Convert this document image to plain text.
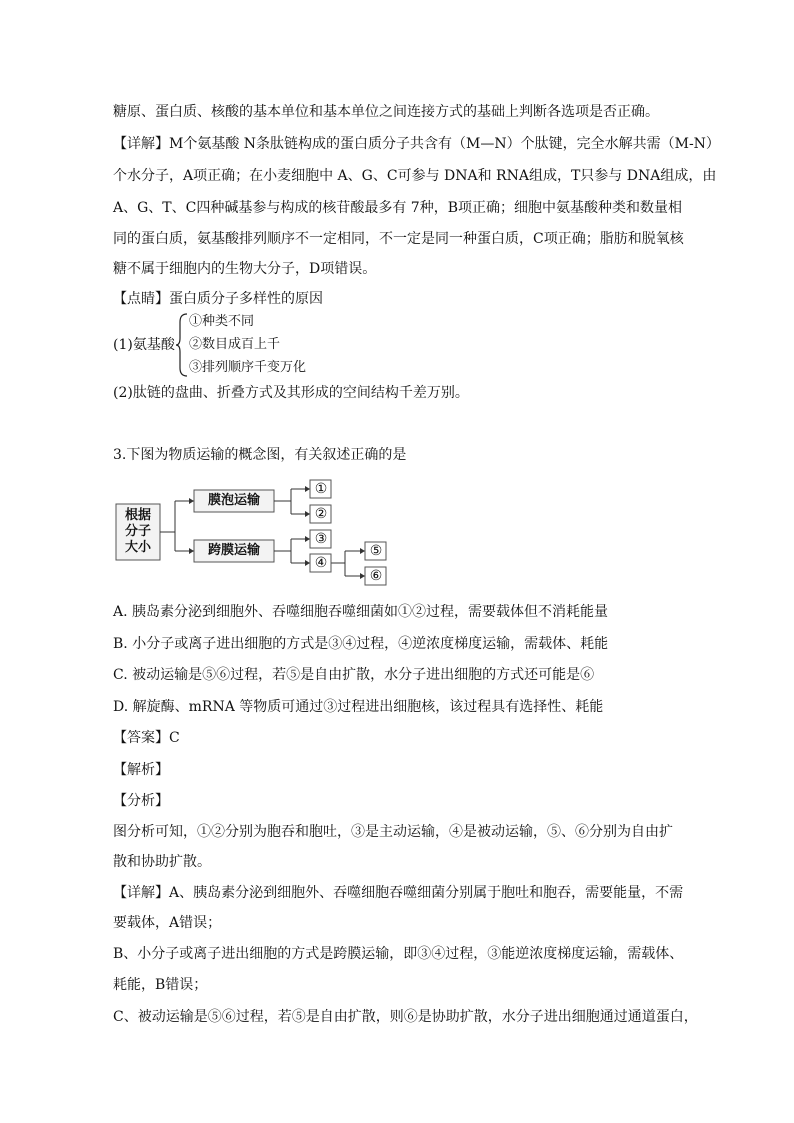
糖原、蛋白质、核酸的基本单位和基本单位之间连接方式的基础上判断各选项是否正确。
【详解】M个氨基酸 N条肽链构成的蛋白质分子共含有（M—N）个肽键，完全水解共需（M-N）
个水分子，A项正确；在小麦细胞中 A、G、C可参与 DNA和 RNA组成，T只参与 DNA组成，由
A、G、T、C四种碱基参与构成的核苷酸最多有 7种，B项正确；细胞中氨基酸种类和数量相
同的蛋白质，氨基酸排列顺序不一定相同，不一定是同一种蛋白质，C项正确；脂肪和脱氧核
糖不属于细胞内的生物大分子，D项错误。
【点睛】蛋白质分子多样性的原因
(1)氨基酸
①种类不同
②数目成百上千
③排列顺序千变万化
(2)肽链的盘曲、折叠方式及其形成的空间结构千差万别。
3.下图为物质运输的概念图，有关叙述正确的是
根据
分子
大小
膜泡运输
跨膜运输
①
②
③
④
⑤
⑥
A. 胰岛素分泌到细胞外、吞噬细胞吞噬细菌如①②过程，需要载体但不消耗能量
B. 小分子或离子进出细胞的方式是③④过程，④逆浓度梯度运输，需载体、耗能
C. 被动运输是⑤⑥过程，若⑤是自由扩散，水分子进出细胞的方式还可能是⑥
D. 解旋酶、mRNA 等物质可通过③过程进出细胞核，该过程具有选择性、耗能
【答案】C
【解析】
【分析】
图分析可知，①②分别为胞吞和胞吐，③是主动运输，④是被动运输，⑤、⑥分别为自由扩
散和协助扩散。
【详解】A、胰岛素分泌到细胞外、吞噬细胞吞噬细菌分别属于胞吐和胞吞，需要能量，不需
要载体，A错误；
B、小分子或离子进出细胞的方式是跨膜运输，即③④过程，③能逆浓度梯度运输，需载体、
耗能，B错误；
C、被动运输是⑤⑥过程，若⑤是自由扩散，则⑥是协助扩散，水分子进出细胞通过通道蛋白，
